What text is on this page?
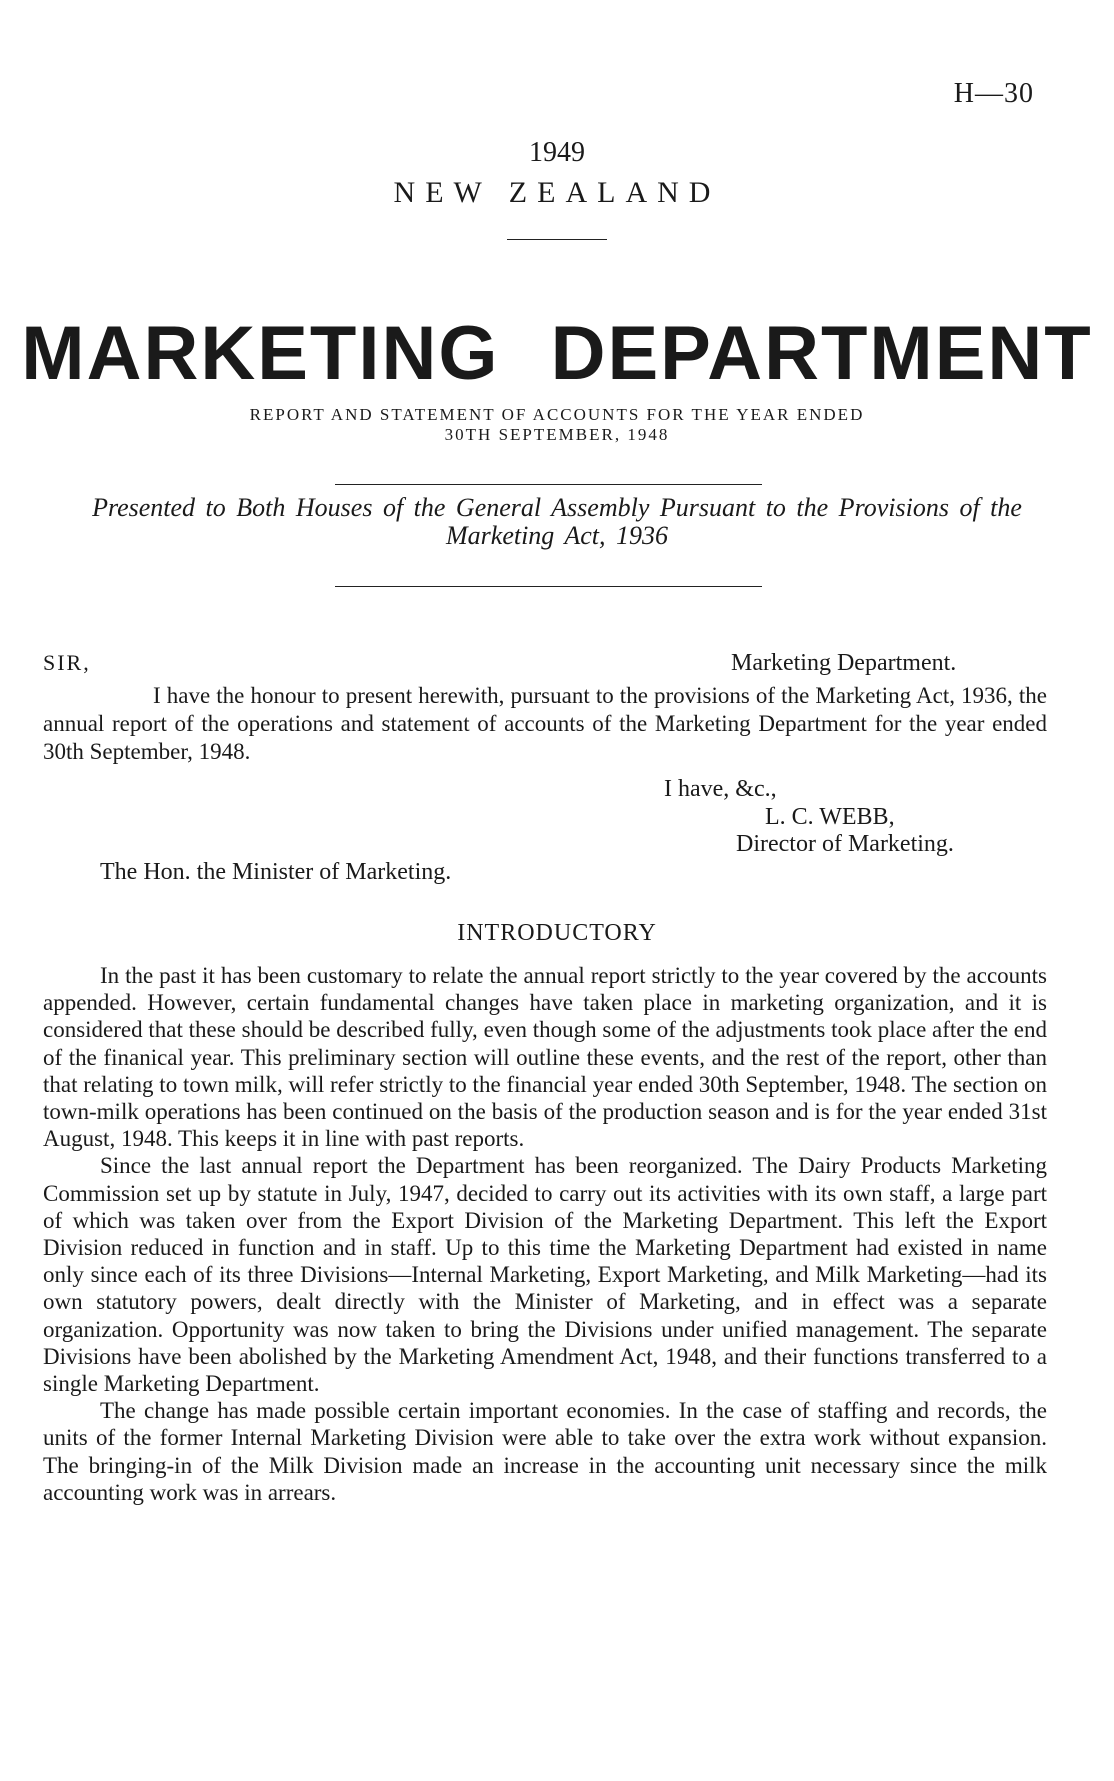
H—30
1949
NEW ZEALAND
MARKETING DEPARTMENT
REPORT AND STATEMENT OF ACCOUNTS FOR THE YEAR ENDED
30TH SEPTEMBER, 1948
Presented to Both Houses of the General Assembly Pursuant to the Provisions of the
Marketing Act, 1936
SIR,	Marketing Department.
I have the honour to present herewith, pursuant to the provisions of the Marketing Act, 1936, the annual report of the operations and statement of accounts of the Marketing Department for the year ended 30th September, 1948.
I have, &c.,
L. C. WEBB,
Director of Marketing.
The Hon. the Minister of Marketing.
INTRODUCTORY

In the past it has been customary to relate the annual report strictly to the year covered by the accounts appended. However, certain fundamental changes have taken place in marketing organization, and it is considered that these should be described fully, even though some of the adjustments took place after the end of the finanical year. This preliminary section will outline these events, and the rest of the report, other than that relating to town milk, will refer strictly to the financial year ended 30th September, 1948. The section on town-milk operations has been continued on the basis of the production season and is for the year ended 31st August, 1948. This keeps it in line with past reports.

Since the last annual report the Department has been reorganized. The Dairy Products Marketing Commission set up by statute in July, 1947, decided to carry out its activities with its own staff, a large part of which was taken over from the Export Division of the Marketing Department. This left the Export Division reduced in function and in staff. Up to this time the Marketing Department had existed in name only since each of its three Divisions—Internal Marketing, Export Marketing, and Milk Marketing—had its own statutory powers, dealt directly with the Minister of Marketing, and in effect was a separate organization. Opportunity was now taken to bring the Divisions under unified management. The separate Divisions have been abolished by the Marketing Amendment Act, 1948, and their functions transferred to a single Marketing Department.

The change has made possible certain important economies. In the case of staffing and records, the units of the former Internal Marketing Division were able to take over the extra work without expansion. The bringing-in of the Milk Division made an increase in the accounting unit necessary since the milk accounting work was in arrears.
